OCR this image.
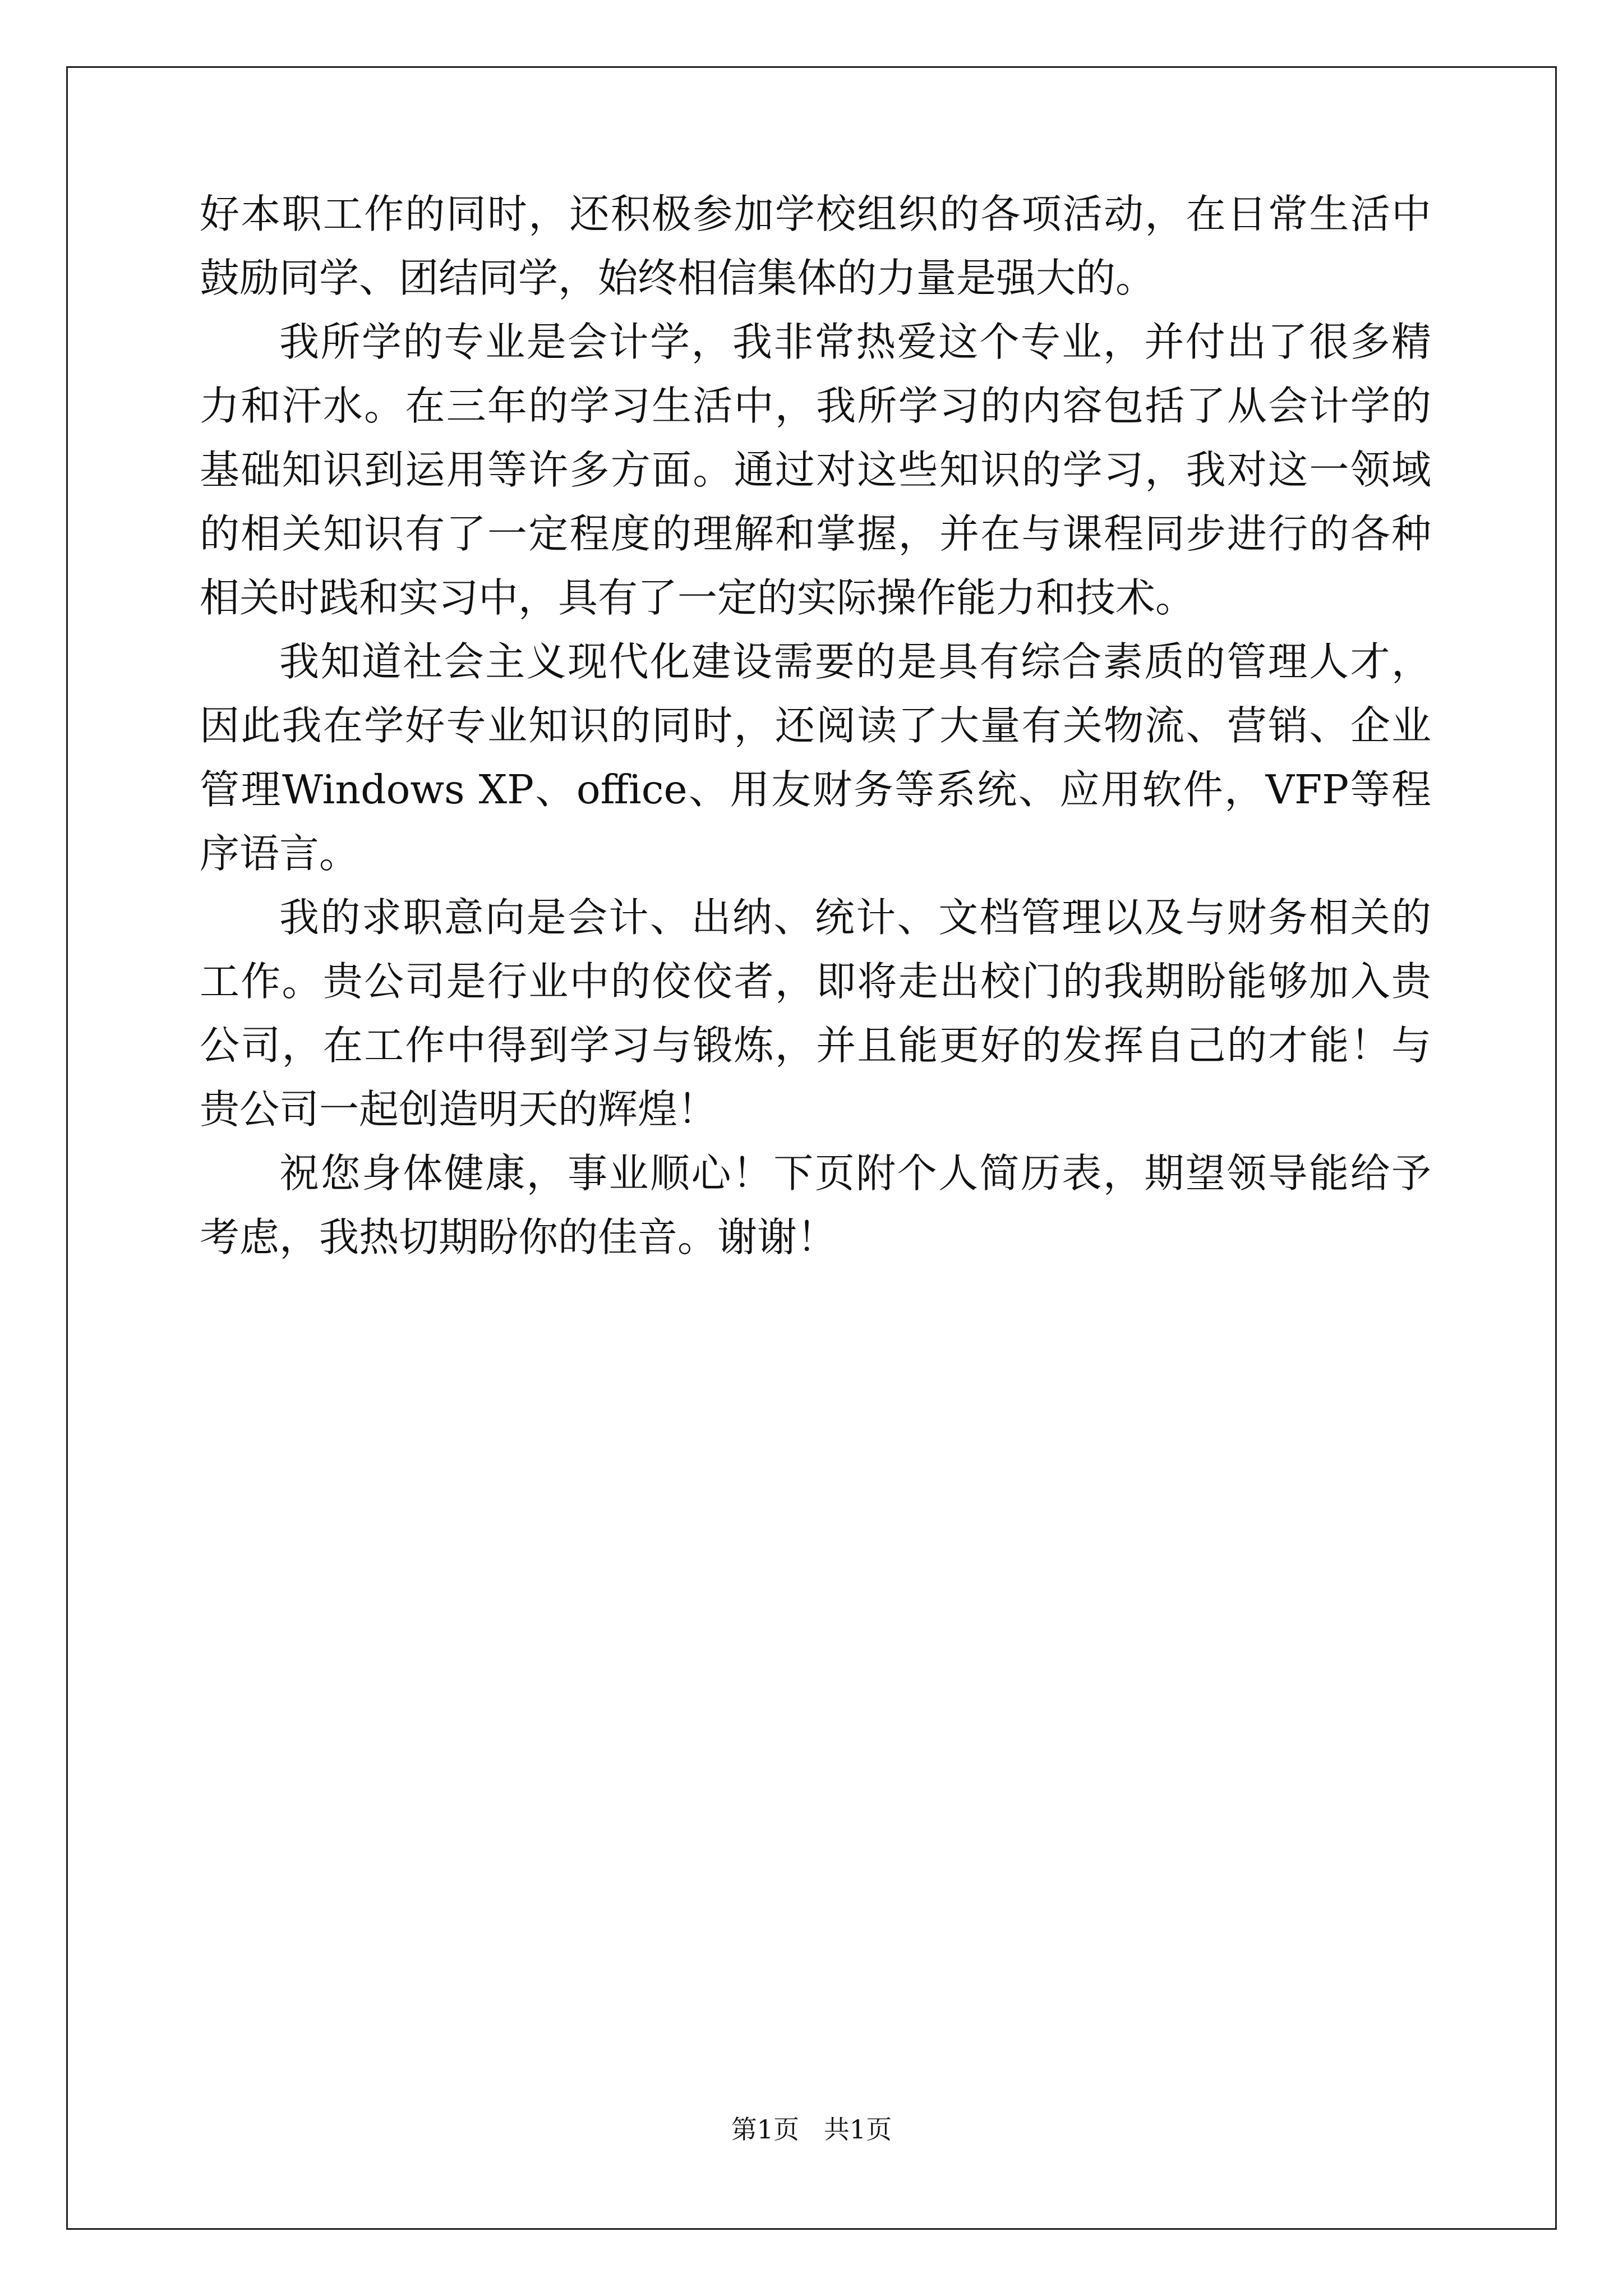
好本职工作的同时，还积极参加学校组织的各项活动，在日常生活中鼓励同学、团结同学，始终相信集体的力量是强大的。

我所学的专业是会计学，我非常热爱这个专业，并付出了很多精力和汗水。在三年的学习生活中，我所学习的内容包括了从会计学的基础知识到运用等许多方面。通过对这些知识的学习，我对这一领域的相关知识有了一定程度的理解和掌握，并在与课程同步进行的各种相关时践和实习中，具有了一定的实际操作能力和技术。

我知道社会主义现代化建设需要的是具有综合素质的管理人才，因此我在学好专业知识的同时，还阅读了大量有关物流、营销、企业管理Windows XP、office、用友财务等系统、应用软件，VFP等程序语言。

我的求职意向是会计、出纳、统计、文档管理以及与财务相关的工作。贵公司是行业中的佼佼者，即将走出校门的我期盼能够加入贵公司，在工作中得到学习与锻炼，并且能更好的发挥自己的才能！与贵公司一起创造明天的辉煌！

祝您身体健康，事业顺心！下页附个人简历表，期望领导能给予考虑，我热切期盼你的佳音。谢谢！

第1页   共1页
